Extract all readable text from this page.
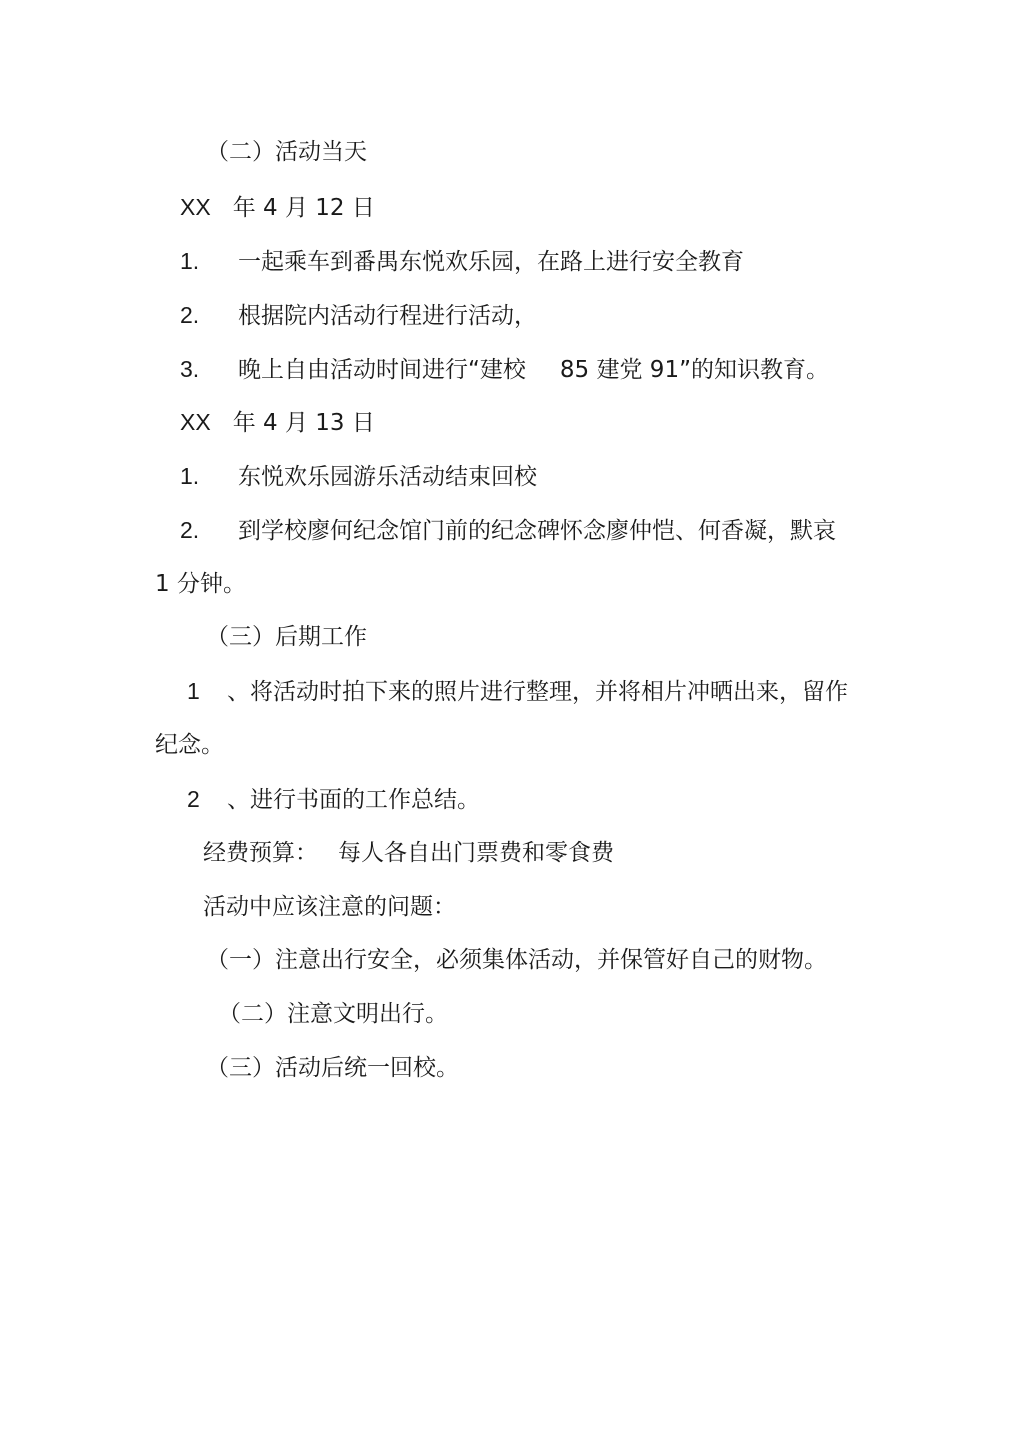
（二）活动当天
XX 年 4 月 12 日
1. 一起乘车到番禺东悦欢乐园，在路上进行安全教育
2. 根据院内活动行程进行活动，
3. 晚上自由活动时间进行“建校 85 建党 91”的知识教育。
XX 年 4 月 13 日
1. 东悦欢乐园游乐活动结束回校
2. 到学校廖何纪念馆门前的纪念碑怀念廖仲恺、何香凝，默哀
1 分钟。
（三）后期工作
1 、将活动时拍下来的照片进行整理，并将相片冲晒出来，留作
纪念。
2 、进行书面的工作总结。
经费预算： 每人各自出门票费和零食费
活动中应该注意的问题：
（一）注意出行安全，必须集体活动，并保管好自己的财物。
（二）注意文明出行。
（三）活动后统一回校。
